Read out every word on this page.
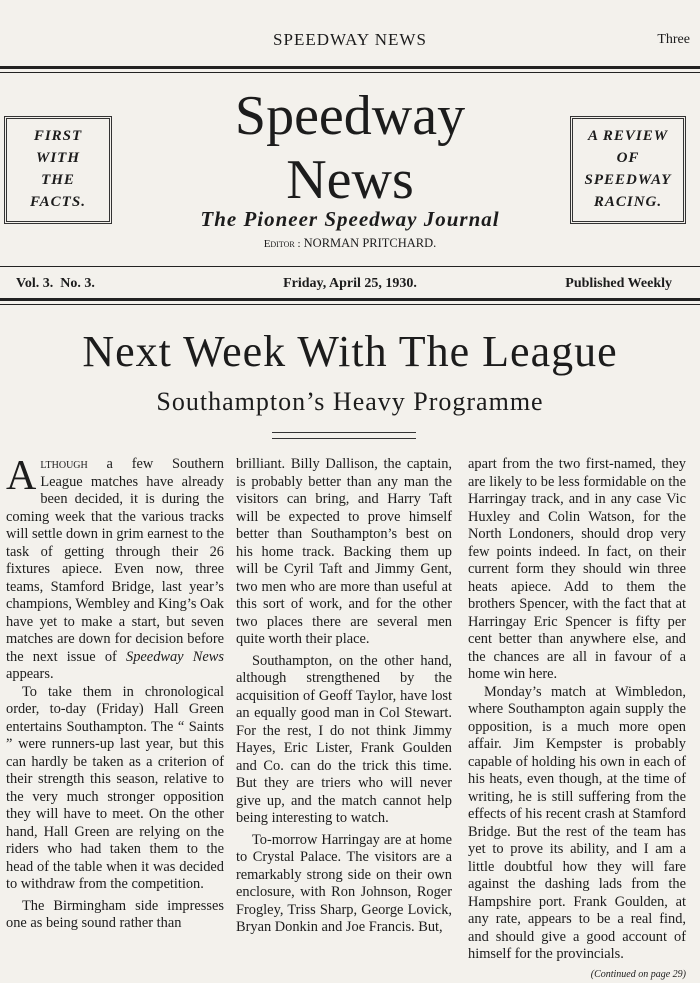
SPEEDWAY NEWS	Three
FIRST
WITH
THE
FACTS.
A REVIEW
OF
SPEEDWAY
RACING.
Speedway
News
The Pioneer Speedway Journal
Editor : NORMAN PRITCHARD.
Vol. 3.  No. 3.	Friday, April 25, 1930.	Published Weekly
Next Week With The League
Southampton’s Heavy Programme

Although a few Southern League matches have already been decided, it is during the coming week that the various tracks will settle down in grim earnest to the task of getting through their 26 fixtures apiece. Even now, three teams, Stamford Bridge, last year’s champions, Wembley and King’s Oak have yet to make a start, but seven matches are down for decision before the next issue of Speedway News appears.

To take them in chronological order, to-day (Friday) Hall Green entertains Southampton. The “ Saints ” were runners-up last year, but this can hardly be taken as a criterion of their strength this season, relative to the very much stronger opposition they will have to meet. On the other hand, Hall Green are relying on the riders who had taken them to the head of the table when it was decided to withdraw from the competition.

The Birmingham side impresses one as being sound rather than

brilliant. Billy Dallison, the captain, is probably better than any man the visitors can bring, and Harry Taft will be expected to prove himself better than Southampton’s best on his home track. Backing them up will be Cyril Taft and Jimmy Gent, two men who are more than useful at this sort of work, and for the other two places there are several men quite worth their place.

Southampton, on the other hand, although strengthened by the acquisition of Geoff Taylor, have lost an equally good man in Col Stewart. For the rest, I do not think Jimmy Hayes, Eric Lister, Frank Goulden and Co. can do the trick this time. But they are triers who will never give up, and the match cannot help being interesting to watch.

To-morrow Harringay are at home to Crystal Palace. The visitors are a remarkably strong side on their own enclosure, with Ron Johnson, Roger Frogley, Triss Sharp, George Lovick, Bryan Donkin and Joe Francis. But,

apart from the two first-named, they are likely to be less formidable on the Harringay track, and in any case Vic Huxley and Colin Watson, for the North Londoners, should drop very few points indeed. In fact, on their current form they should win three heats apiece. Add to them the brothers Spencer, with the fact that at Harringay Eric Spencer is fifty per cent better than anywhere else, and the chances are all in favour of a home win here.

Monday’s match at Wimbledon, where Southampton again supply the opposition, is a much more open affair. Jim Kempster is probably capable of holding his own in each of his heats, even though, at the time of writing, he is still suffering from the effects of his recent crash at Stamford Bridge. But the rest of the team has yet to prove its ability, and I am a little doubtful how they will fare against the dashing lads from the Hampshire port. Frank Goulden, at any rate, appears to be a real find, and should give a good account of himself for the provincials.

(Continued on page 29)
